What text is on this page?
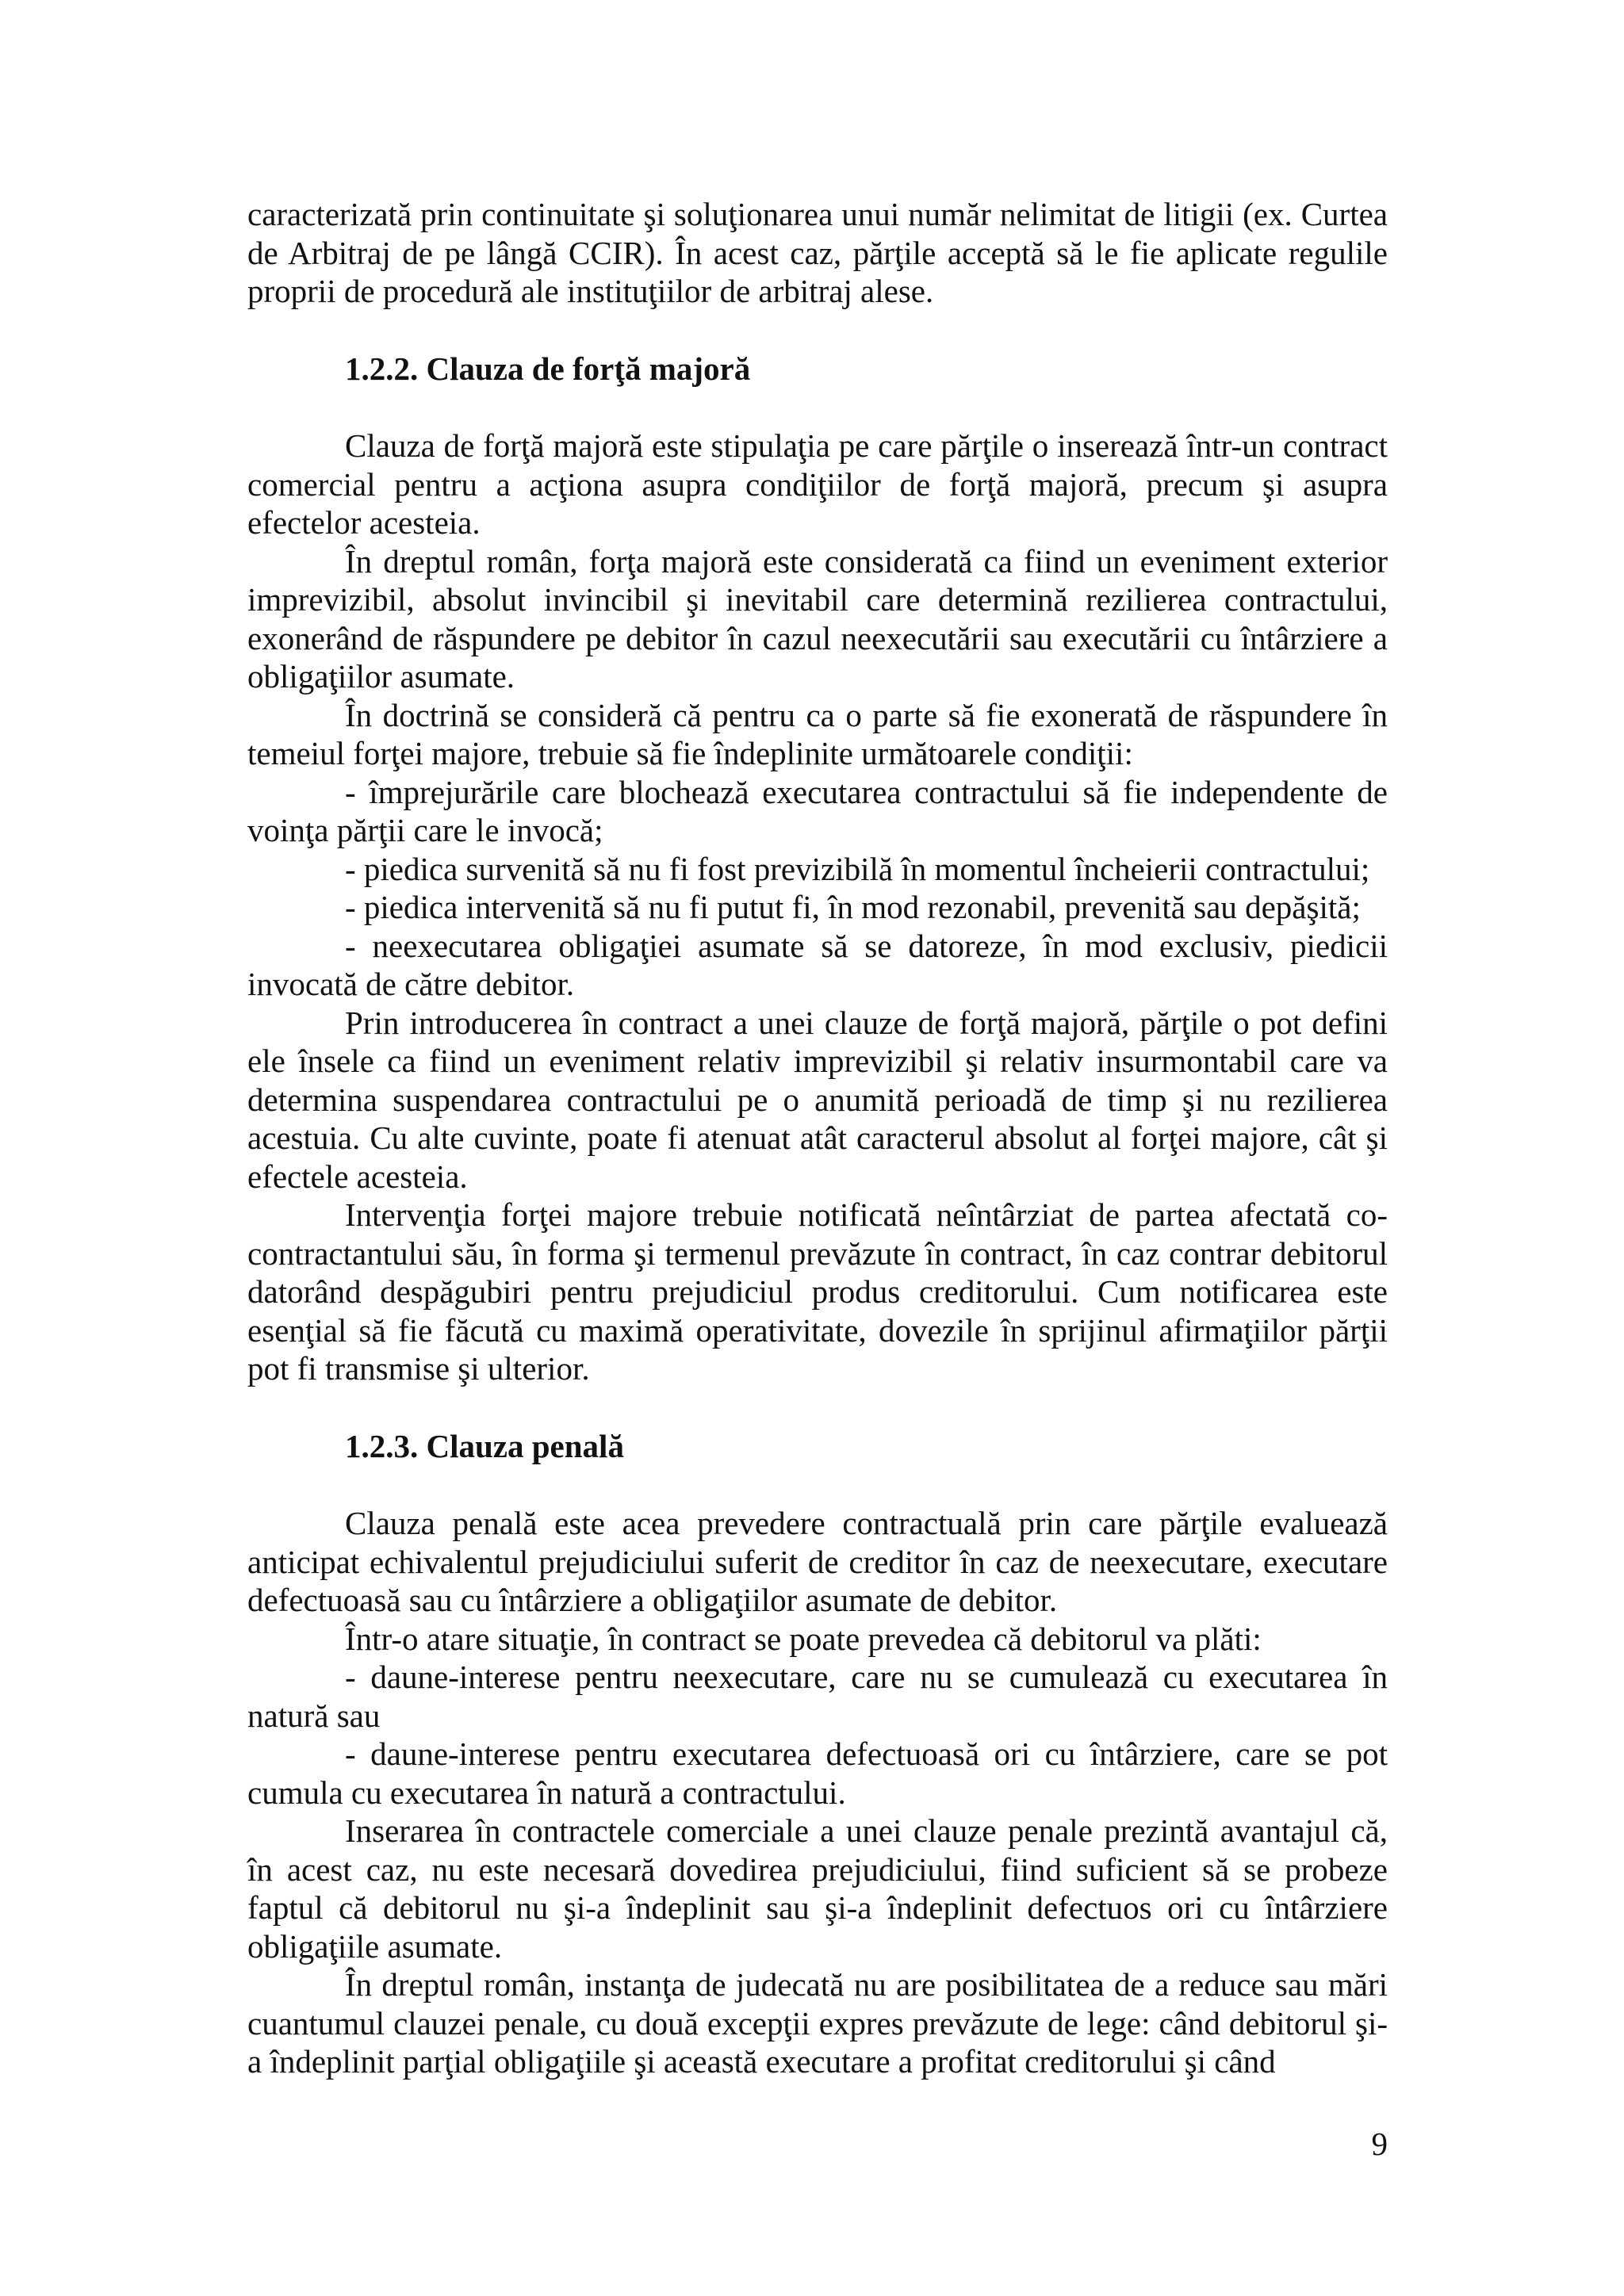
caracterizată prin continuitate şi soluţionarea unui număr nelimitat de litigii (ex. Curtea de Arbitraj de pe lângă CCIR). În acest caz, părţile acceptă să le fie aplicate regulile proprii de procedură ale instituţiilor de arbitraj alese.

1.2.2. Clauza de forţă majoră

Clauza de forţă majoră este stipulaţia pe care părţile o inserează într-un contract comercial pentru a acţiona asupra condiţiilor de forţă majoră, precum şi asupra efectelor acesteia.

În dreptul român, forţa majoră este considerată ca fiind un eveniment exterior imprevizibil, absolut invincibil şi inevitabil care determină rezilierea contractului, exonerând de răspundere pe debitor în cazul neexecutării sau executării cu întârziere a obligaţiilor asumate.

În doctrină se consideră că pentru ca o parte să fie exonerată de răspundere în temeiul forţei majore, trebuie să fie îndeplinite următoarele condiţii:

- împrejurările care blochează executarea contractului să fie independente de voinţa părţii care le invocă;

- piedica survenită să nu fi fost previzibilă în momentul încheierii contractului;

- piedica intervenită să nu fi putut fi, în mod rezonabil, prevenită sau depăşită;

- neexecutarea obligaţiei asumate să se datoreze, în mod exclusiv, piedicii invocată de către debitor.

Prin introducerea în contract a unei clauze de forţă majoră, părţile o pot defini ele însele ca fiind un eveniment relativ imprevizibil şi relativ insurmontabil care va determina suspendarea contractului pe o anumită perioadă de timp şi nu rezilierea acestuia. Cu alte cuvinte, poate fi atenuat atât caracterul absolut al forţei majore, cât şi efectele acesteia.

Intervenţia forţei majore trebuie notificată neîntârziat de partea afectată co-contractantului său, în forma şi termenul prevăzute în contract, în caz contrar debitorul datorând despăgubiri pentru prejudiciul produs creditorului. Cum notificarea este esenţial să fie făcută cu maximă operativitate, dovezile în sprijinul afirmaţiilor părţii pot fi transmise şi ulterior.

1.2.3. Clauza penală

Clauza penală este acea prevedere contractuală prin care părţile evaluează anticipat echivalentul prejudiciului suferit de creditor în caz de neexecutare, executare defectuoasă sau cu întârziere a obligaţiilor asumate de debitor.

Într-o atare situaţie, în contract se poate prevedea că debitorul va plăti:

- daune-interese pentru neexecutare, care nu se cumulează cu executarea în natură sau

- daune-interese pentru executarea defectuoasă ori cu întârziere, care se pot cumula cu executarea în natură a contractului.

Inserarea în contractele comerciale a unei clauze penale prezintă avantajul că, în acest caz, nu este necesară dovedirea prejudiciului, fiind suficient să se probeze faptul că debitorul nu şi-a îndeplinit sau şi-a îndeplinit defectuos ori cu întârziere obligaţiile asumate.

În dreptul român, instanţa de judecată nu are posibilitatea de a reduce sau mări cuantumul clauzei penale, cu două excepţii expres prevăzute de lege: când debitorul şi-a îndeplinit parţial obligaţiile şi această executare a profitat creditorului şi când

9
